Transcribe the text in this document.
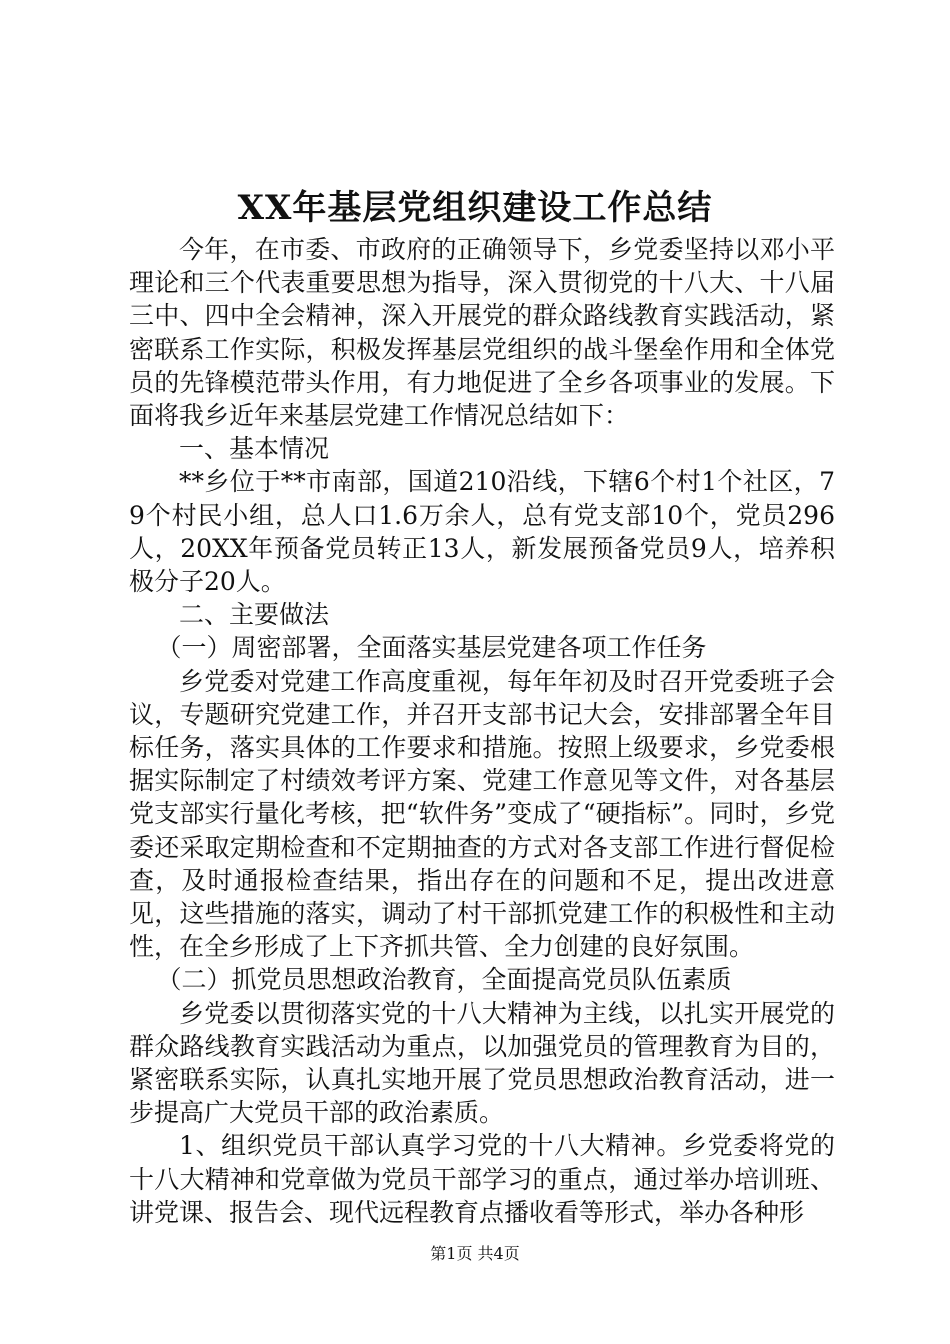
XX年基层党组织建设工作总结

今年，在市委、市政府的正确领导下，乡党委坚持以邓小平理论和三个代表重要思想为指导，深入贯彻党的十八大、十八届三中、四中全会精神，深入开展党的群众路线教育实践活动，紧密联系工作实际，积极发挥基层党组织的战斗堡垒作用和全体党员的先锋模范带头作用，有力地促进了全乡各项事业的发展。下面将我乡近年来基层党建工作情况总结如下：

一、基本情况

**乡位于**市南部，国道210沿线，下辖6个村1个社区，79个村民小组，总人口1.6万余人，总有党支部10个，党员296人，20XX年预备党员转正13人，新发展预备党员9人，培养积极分子20人。

二、主要做法

（一）周密部署，全面落实基层党建各项工作任务

乡党委对党建工作高度重视，每年年初及时召开党委班子会议，专题研究党建工作，并召开支部书记大会，安排部署全年目标任务，落实具体的工作要求和措施。按照上级要求，乡党委根据实际制定了村绩效考评方案、党建工作意见等文件，对各基层党支部实行量化考核，把“软件务”变成了“硬指标”。同时，乡党委还采取定期检查和不定期抽查的方式对各支部工作进行督促检查，及时通报检查结果，指出存在的问题和不足，提出改进意见，这些措施的落实，调动了村干部抓党建工作的积极性和主动性，在全乡形成了上下齐抓共管、全力创建的良好氛围。

（二）抓党员思想政治教育，全面提高党员队伍素质

乡党委以贯彻落实党的十八大精神为主线，以扎实开展党的群众路线教育实践活动为重点，以加强党员的管理教育为目的，紧密联系实际，认真扎实地开展了党员思想政治教育活动，进一步提高广大党员干部的政治素质。

1、组织党员干部认真学习党的十八大精神。乡党委将党的十八大精神和党章做为党员干部学习的重点，通过举办培训班、讲党课、报告会、现代远程教育点播收看等形式，举办各种形

第1页 共4页
